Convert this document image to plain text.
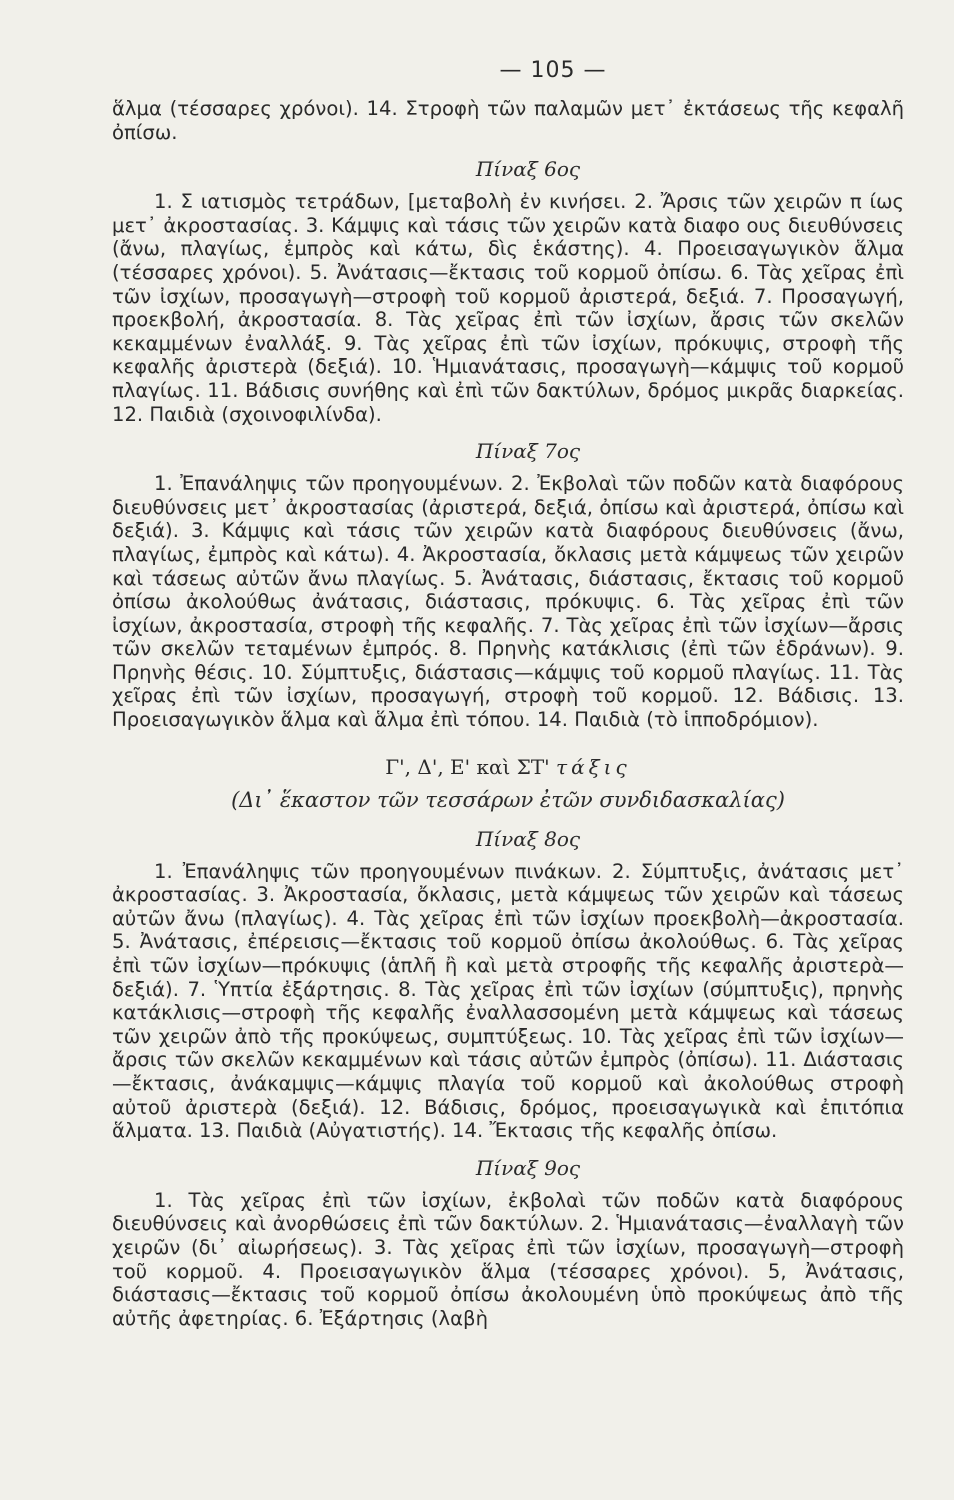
— 105 —

ἅλμα (τέσσαρες χρόνοι). 14. Στροφὴ τῶν παλαμῶν μετ᾿ ἐκτάσεως τῆς κεφαλῆ ὀπίσω.

Πίναξ 6ος

1. Σ ιατισμὸς τετράδων, [μεταβολὴ ἐν κινήσει. 2. Ἄρσις τῶν χειρῶν π ίως μετ᾿ ἀκροστασίας. 3. Κάμψις καὶ τάσις τῶν χειρῶν κατὰ διαφο ους διευθύνσεις (ἄνω, πλαγίως, ἐμπρὸς καὶ κάτω, δὶς ἑκάστης). 4. Προεισαγωγικὸν ἅλμα (τέσσαρες χρόνοι). 5. Ἀνάτασις—ἔκτασις τοῦ κορμοῦ ὀπίσω. 6. Τὰς χεῖρας ἐπὶ τῶν ἰσχίων, προσαγωγὴ—στροφὴ τοῦ κορμοῦ ἀριστερά, δεξιά. 7. Προσαγωγή, προεκβολή, ἀκροστασία. 8. Τὰς χεῖρας ἐπὶ τῶν ἰσχίων, ἄρσις τῶν σκελῶν κεκαμμένων ἐναλλάξ. 9. Τὰς χεῖρας ἐπὶ τῶν ἰσχίων, πρόκυψις, στροφὴ τῆς κεφαλῆς ἀριστερὰ (δεξιά). 10. Ἡμιανάτασις, προσαγωγὴ—κάμψις τοῦ κορμοῦ πλαγίως. 11. Βάδισις συνήθης καὶ ἐπὶ τῶν δακτύλων, δρόμος μικρᾶς διαρκείας. 12. Παιδιὰ (σχοινοφιλίνδα).

Πίναξ 7ος

1. Ἐπανάληψις τῶν προηγουμένων. 2. Ἐκβολαὶ τῶν ποδῶν κατὰ διαφόρους διευθύνσεις μετ᾿ ἀκροστασίας (ἀριστερά, δεξιά, ὀπίσω καὶ ἀριστερά, ὀπίσω καὶ δεξιά). 3. Κάμψις καὶ τάσις τῶν χειρῶν κατὰ διαφόρους διευθύνσεις (ἄνω, πλαγίως, ἐμπρὸς καὶ κάτω). 4. Ἀκροστασία, ὄκλασις μετὰ κάμψεως τῶν χειρῶν καὶ τάσεως αὐτῶν ἄνω πλαγίως. 5. Ἀνάτασις, διάστασις, ἔκτασις τοῦ κορμοῦ ὀπίσω ἀκολούθως ἀνάτασις, διάστασις, πρόκυψις. 6. Τὰς χεῖρας ἐπὶ τῶν ἰσχίων, ἀκροστασία, στροφὴ τῆς κεφαλῆς. 7. Τὰς χεῖρας ἐπὶ τῶν ἰσχίων—ἄρσις τῶν σκελῶν τεταμένων ἐμπρός. 8. Πρηνὴς κατάκλισις (ἐπὶ τῶν ἑδράνων). 9. Πρηνὴς θέσις. 10. Σύμπτυξις, διάστασις—κάμψις τοῦ κορμοῦ πλαγίως. 11. Τὰς χεῖρας ἐπὶ τῶν ἰσχίων, προσαγωγή, στροφὴ τοῦ κορμοῦ. 12. Βάδισις. 13. Προεισαγωγικὸν ἅλμα καὶ ἅλμα ἐπὶ τόπου. 14. Παιδιὰ (τὸ ἱπποδρόμιον).

Γ', Δ', Ε' καὶ ΣΤ' τάξις
(Δι᾿ ἕκαστον τῶν τεσσάρων ἐτῶν συνδιδασκαλίας)
Πίναξ 8ος

1. Ἐπανάληψις τῶν προηγουμένων πινάκων. 2. Σύμπτυξις, ἀνάτασις μετ᾿ ἀκροστασίας. 3. Ἀκροστασία, ὄκλασις, μετὰ κάμψεως τῶν χειρῶν καὶ τάσεως αὐτῶν ἄνω (πλαγίως). 4. Τὰς χεῖρας ἐπὶ τῶν ἰσχίων προεκβολὴ—ἀκροστασία. 5. Ἀνάτασις, ἐπέρεισις—ἔκτασις τοῦ κορμοῦ ὀπίσω ἀκολούθως. 6. Τὰς χεῖρας ἐπὶ τῶν ἰσχίων—πρόκυψις (ἁπλῆ ἢ καὶ μετὰ στροφῆς τῆς κεφαλῆς ἀριστερὰ—δεξιά). 7. Ὑπτία ἐξάρτησις. 8. Τὰς χεῖρας ἐπὶ τῶν ἰσχίων (σύμπτυξις), πρηνὴς κατάκλισις—στροφὴ τῆς κεφαλῆς ἐναλλασσομένη μετὰ κάμψεως καὶ τάσεως τῶν χειρῶν ἀπὸ τῆς προκύψεως, συμπτύξεως. 10. Τὰς χεῖρας ἐπὶ τῶν ἰσχίων—ἄρσις τῶν σκελῶν κεκαμμένων καὶ τάσις αὐτῶν ἐμπρὸς (ὀπίσω). 11. Διάστασις—ἔκτασις, ἀνάκαμψις—κάμψις πλαγία τοῦ κορμοῦ καὶ ἀκολούθως στροφὴ αὐτοῦ ἀριστερὰ (δεξιά). 12. Βάδισις, δρόμος, προεισαγωγικὰ καὶ ἐπιτόπια ἅλματα. 13. Παιδιὰ (Αὐγατιστής). 14. Ἔκτασις τῆς κεφαλῆς ὀπίσω.

Πίναξ 9ος

1. Τὰς χεῖρας ἐπὶ τῶν ἰσχίων, ἐκβολαὶ τῶν ποδῶν κατὰ διαφόρους διευθύνσεις καὶ ἀνορθώσεις ἐπὶ τῶν δακτύλων. 2. Ἡμιανάτασις—ἐναλλαγὴ τῶν χειρῶν (δι᾿ αἰωρήσεως). 3. Τὰς χεῖρας ἐπὶ τῶν ἰσχίων, προσαγωγὴ—στροφὴ τοῦ κορμοῦ. 4. Προεισαγωγικὸν ἅλμα (τέσσαρες χρόνοι). 5, Ἀνάτασις, διάστασις—ἔκτασις τοῦ κορμοῦ ὀπίσω ἀκολουμένη ὑπὸ προκύψεως ἀπὸ τῆς αὐτῆς ἀφετηρίας. 6. Ἐξάρτησις (λαβὴ
